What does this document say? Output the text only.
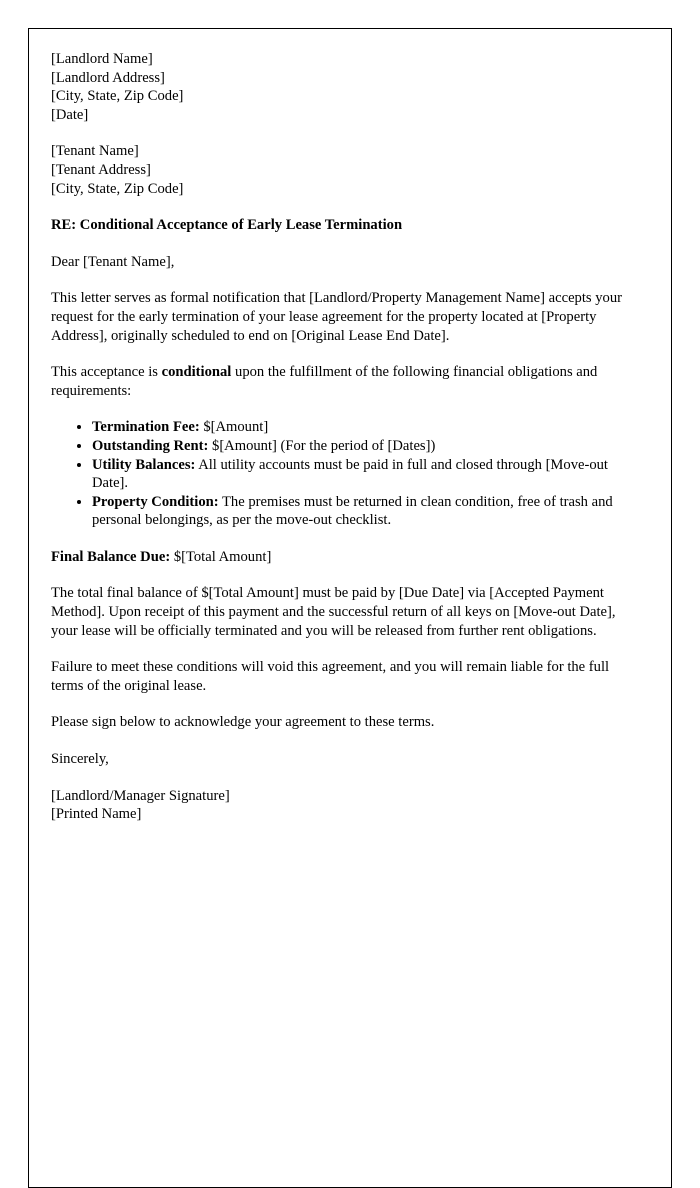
[Landlord Name]
[Landlord Address]
[City, State, Zip Code]
[Date]
[Tenant Name]
[Tenant Address]
[City, State, Zip Code]

RE: Conditional Acceptance of Early Lease Termination

Dear [Tenant Name],

This letter serves as formal notification that [Landlord/Property Management Name] accepts your request for the early termination of your lease agreement for the property located at [Property Address], originally scheduled to end on [Original Lease End Date].

This acceptance is conditional upon the fulfillment of the following financial obligations and requirements:

• Termination Fee: $[Amount]
• Outstanding Rent: $[Amount] (For the period of [Dates])
• Utility Balances: All utility accounts must be paid in full and closed through [Move-out Date].
• Property Condition: The premises must be returned in clean condition, free of trash and personal belongings, as per the move-out checklist.

Final Balance Due: $[Total Amount]

The total final balance of $[Total Amount] must be paid by [Due Date] via [Accepted Payment Method]. Upon receipt of this payment and the successful return of all keys on [Move-out Date], your lease will be officially terminated and you will be released from further rent obligations.

Failure to meet these conditions will void this agreement, and you will remain liable for the full terms of the original lease.

Please sign below to acknowledge your agreement to these terms.

Sincerely,

[Landlord/Manager Signature]
[Printed Name]
